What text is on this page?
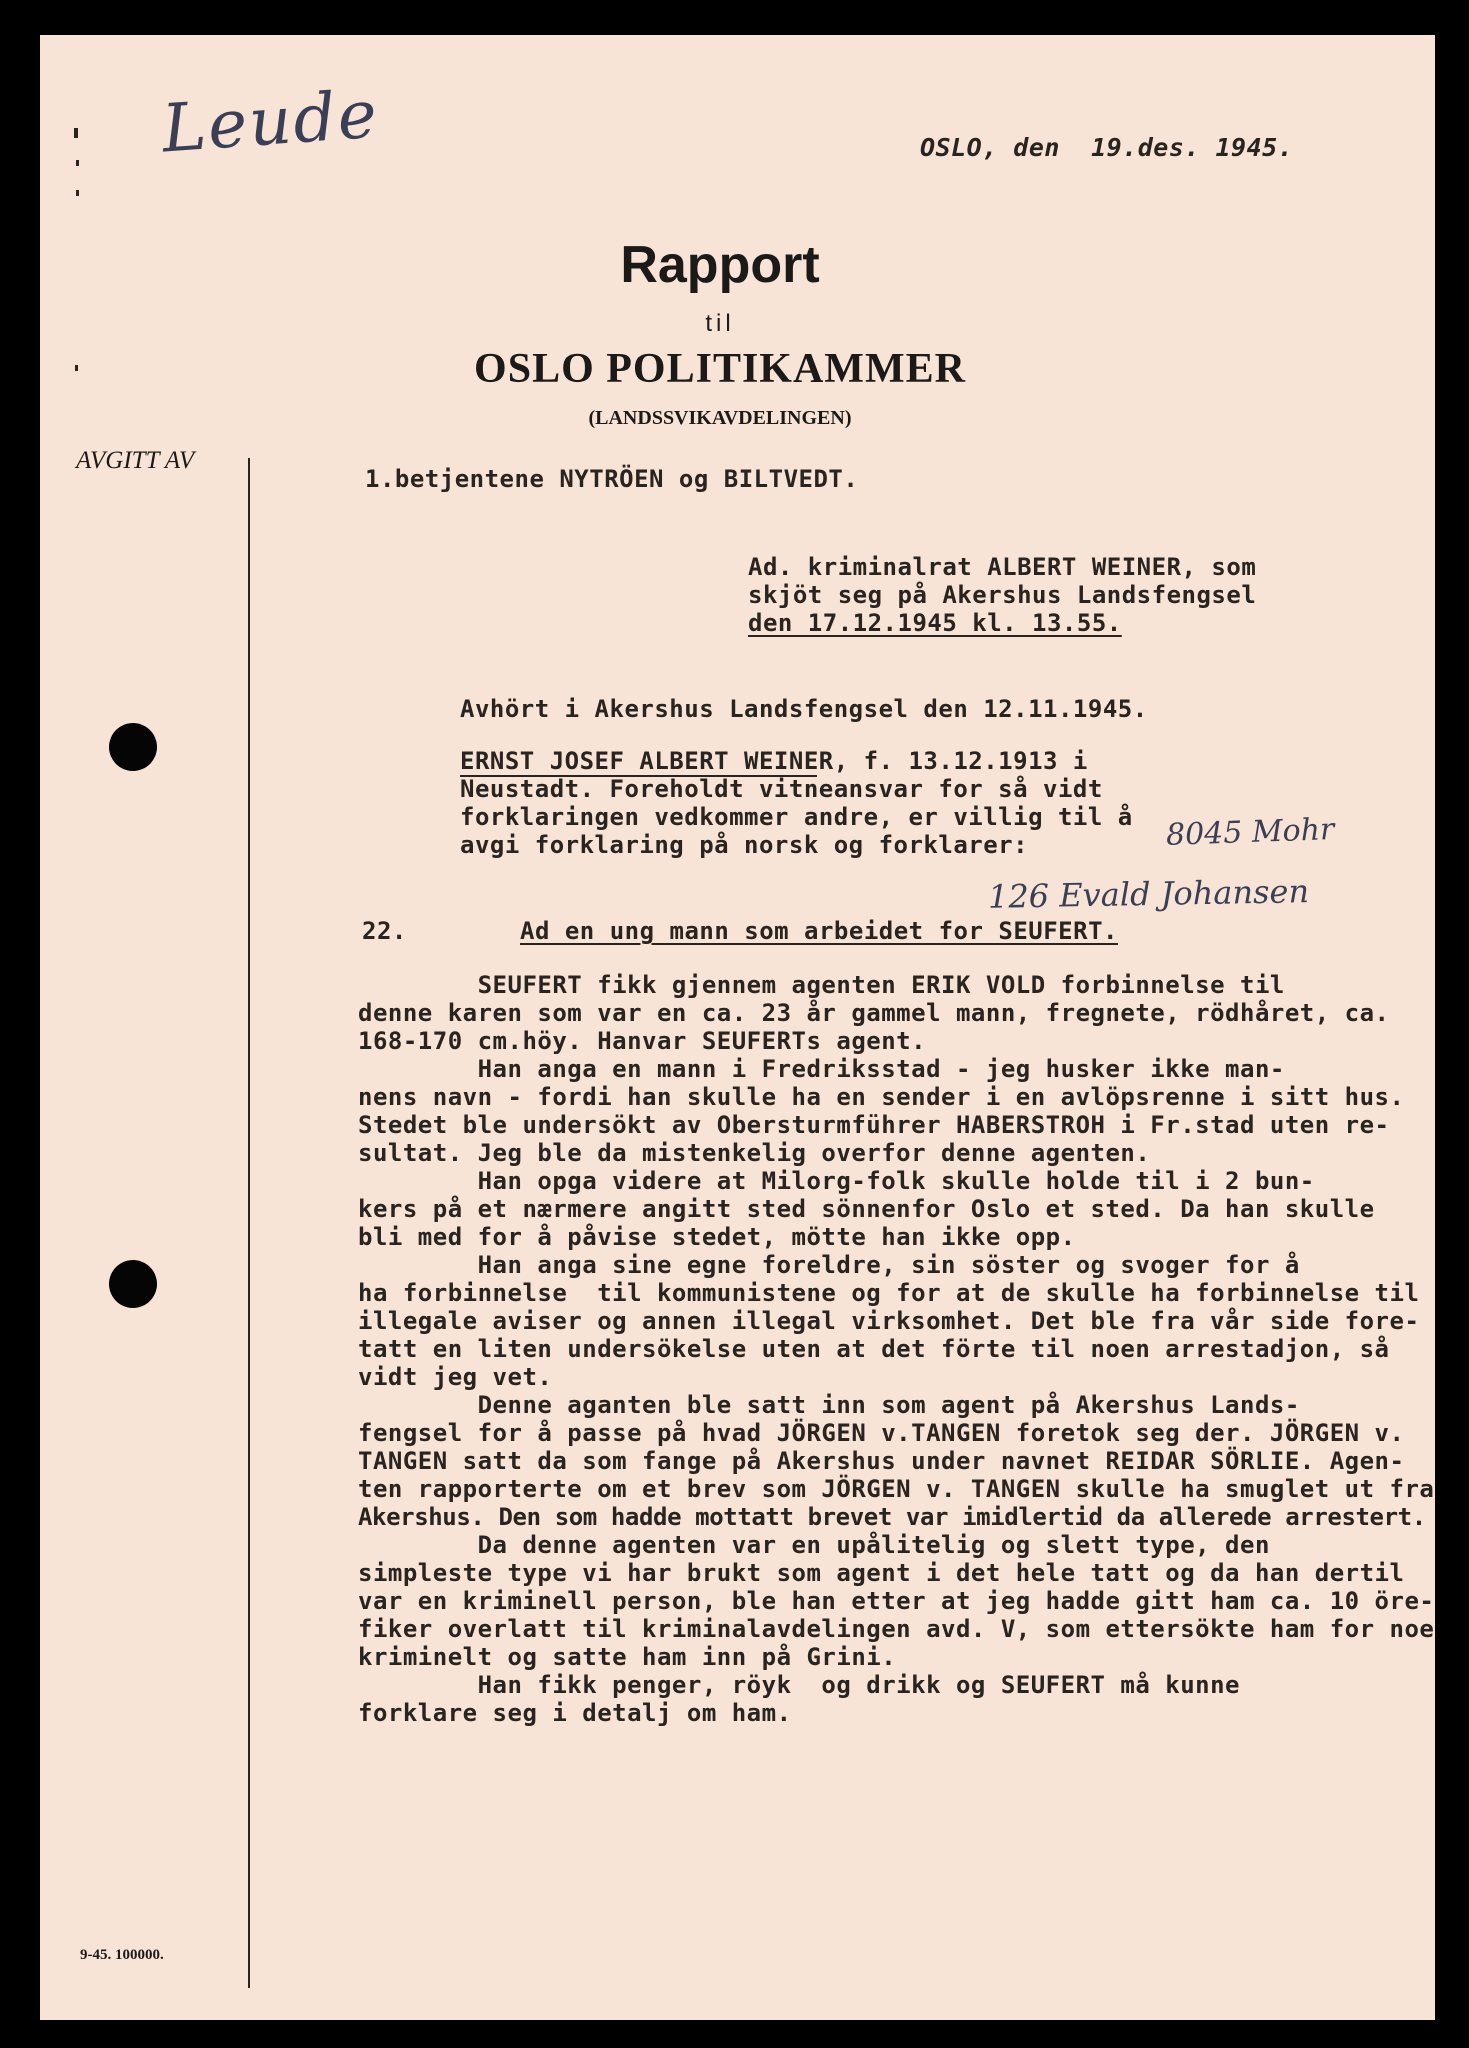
Leude	OSLO, den  19.des. 1945.
Rapport
til
OSLO POLITIKAMMER
(LANDSSVIKAVDELINGEN)
AVGITT AV
1.betjentene NYTRÖEN og BILTVEDT.
Ad. kriminalrat ALBERT WEINER, som
skjöt seg på Akershus Landsfengsel
den 17.12.1945 kl. 13.55.
Avhört i Akershus Landsfengsel den 12.11.1945.
ERNST JOSEF ALBERT WEINER, f. 13.12.1913 i
Neustadt. Foreholdt vitneansvar for så vidt
forklaringen vedkommer andre, er villig til å
avgi forklaring på norsk og forklarer:	8045 Mohr
126 Evald Johansen
22.	Ad en ung mann som arbeidet for SEUFERT.
SEUFERT fikk gjennem agenten ERIK VOLD forbinnelse til
denne karen som var en ca. 23 år gammel mann, fregnete, rödhåret, ca.
168-170 cm.höy. Hanvar SEUFERTs agent.
Han anga en mann i Fredriksstad - jeg husker ikke man-
nens navn - fordi han skulle ha en sender i en avlöpsrenne i sitt hus.
Stedet ble undersökt av Obersturmführer HABERSTROH i Fr.stad uten re-
sultat. Jeg ble da mistenkelig overfor denne agenten.
Han opga videre at Milorg-folk skulle holde til i 2 bun-
kers på et nærmere angitt sted sönnenfor Oslo et sted. Da han skulle
bli med for å påvise stedet, mötte han ikke opp.
Han anga sine egne foreldre, sin söster og svoger for å
ha forbinnelse  til kommunistene og for at de skulle ha forbinnelse til
illegale aviser og annen illegal virksomhet. Det ble fra vår side fore-
tatt en liten undersökelse uten at det förte til noen arrestadjon, så
vidt jeg vet.
Denne aganten ble satt inn som agent på Akershus Lands-
fengsel for å passe på hvad JÖRGEN v.TANGEN foretok seg der. JÖRGEN v.
TANGEN satt da som fange på Akershus under navnet REIDAR SÖRLIE. Agen-
ten rapporterte om et brev som JÖRGEN v. TANGEN skulle ha smuglet ut fra
Akershus. Den som hadde mottatt brevet var imidlertid da allerede arrestert.
Da denne agenten var en upålitelig og slett type, den
simpleste type vi har brukt som agent i det hele tatt og da han dertil
var en kriminell person, ble han etter at jeg hadde gitt ham ca. 10 öre-
fiker overlatt til kriminalavdelingen avd. V, som ettersökte ham for noe
kriminelt og satte ham inn på Grini.
Han fikk penger, röyk  og drikk og SEUFERT må kunne
forklare seg i detalj om ham.
9-45. 100000.
